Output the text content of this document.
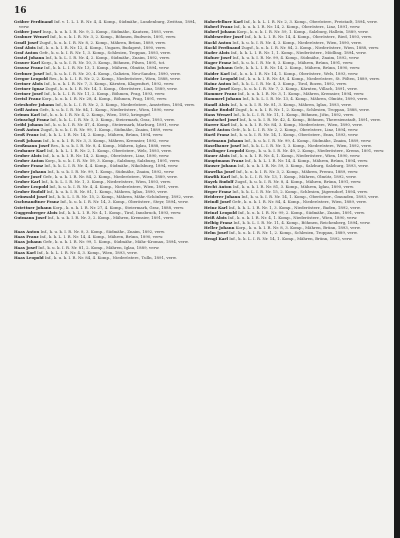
16

Gräber Ferdinand Inf. v. 1. L. I. R. Nr. 4, 4. Komp., Südmähr., Lundenburg, Zwittau, 1894, verw.

Gräber Josef Insp., k. u. k. I. R. Nr. 9, 2. Komp., Südmähr., Kautzen, 1893, verw.

Grabner Wenzel Inf., k. u. k. I. R. Nr. 3, 2. Komp., Böhmen, Budweis, 1891, verw.

Gradl Josef Zugsf., k. u. k. I. R. Nr. 8, 2. Komp., Mähren, Brünn, 1889, verw.

Graf Alois Inf., k. u. k. I. R. Nr. 12, 4. Komp., Ungarn, Budapest, 1890, verw.

Graf Anton Gefr., k. u. k. I. R. Nr. 1, 3. Komp., Schlesien, Troppau, 1893, verw.

Gratzl Johann Inf., k. k. L. I. R. Nr. 4, 2. Komp., Südmähr., Znaim, 1892, verw.

Grauer Karl Korp., k. u. k. I. R. Nr. 10, 3. Komp., Böhmen, Pilsen, 1891, tot.

Grausz Franz Inf., k. k. L. I. R. Nr. 13, 1. Komp., Mähren, Olmütz, 1894, verw.

Grebner Josef Inf., k. u. k. I. R. Nr. 20, 4. Komp., Galizien, Neu-Sandez, 1890, verw.

Gregor Leopold Res., k. k. L. I. R. Nr. 2, 2. Komp., Niederösterr., Wien, 1888, verw.

Greiner Alois Inf., k. u. k. I. R. Nr. 7, 3. Komp., Kärnten, Klagenfurt, 1892, verw.

Greiner Ignaz Zugsf., k. u. k. I. R. Nr. 14, 1. Komp., Oberösterr., Linz, 1889, verw.

Greiner Josef Inf., k. k. L. I. R. Nr. 11, 2. Komp., Böhmen, Prag, 1893, verw.

Greisl Franz Korp., k. u. k. I. R. Nr. 28, 4. Komp., Böhmen, Prag, 1891, verw.

Grieshofer Johann Inf., k. k. L. I. R. Nr. 2, 3. Komp., Niederösterr., Amstetten, 1894, verw.

Grill Anton Gefr., k. u. k. I. R. Nr. 84, 1. Komp., Niederösterr., Wien, 1890, verw.

Grimm Karl Inf., k. u. k. I. R. Nr. 4, 2. Komp., Wien, 1892, kriegsgef.

Grinschgl Franz Inf., k. k. L. I. R. Nr. 3, 3. Komp., Steiermark, Graz, 1893, verw.

Gröbl Johann Inf., k. u. k. I. R. Nr. 47, 4. Komp., Steiermark, Marburg, 1891, verw.

Groß Anton Zugsf., k. u. k. I. R. Nr. 99, 1. Komp., Südmähr., Znaim, 1889, verw.

Groß Franz Inf., k. k. L. I. R. Nr. 14, 2. Komp., Mähren, Brünn, 1894, verw.

Groß Johann Inf., k. u. k. I. R. Nr. 3, 3. Komp., Mähren, Kremsier, 1892, verw.

Großmann Josef Res., k. u. k. I. R. Nr. 8, 4. Komp., Mähren, Iglau, 1888, verw.

Grubauer Karl Inf., k. k. L. I. R. Nr. 2, 1. Komp., Oberösterr., Wels, 1893, verw.

Gruber Alois Inf., k. u. k. I. R. Nr. 14, 2. Komp., Oberösterr., Linz, 1890, verw.

Gruber Anton Korp., k. u. k. I. R. Nr. 59, 3. Komp., Salzburg, Salzburg, 1891, verw.

Gruber Franz Inf., k. k. L. I. R. Nr. 4, 4. Komp., Südmähr., Nikolsburg, 1894, verw.

Gruber Johann Inf., k. u. k. I. R. Nr. 99, 1. Komp., Südmähr., Znaim, 1892, verw.

Gruber Josef Gefr., k. u. k. I. R. Nr. 84, 2. Komp., Niederösterr., Wien, 1889, verw.

Gruber Karl Inf., k. k. L. I. R. Nr. 1, 3. Komp., Niederösterr., Wien, 1893, verw.

Gruber Leopold Inf., k. u. k. I. R. Nr. 4, 4. Komp., Niederösterr., Wien, 1891, verw.

Gruber Rudolf Inf., k. u. k. I. R. Nr. 81, 1. Komp., Mähren, Iglau, 1890, verw.

Grünwald Josef Inf., k. k. L. I. R. Nr. 15, 2. Komp., Mähren, Mähr.-Schönberg, 1892, verw.

Gschwandtner Franz Inf., k. u. k. I. R. Nr. 14, 3. Komp., Oberösterr., Steyr, 1894, verw.

Gstettner Johann Korp., k. u. k. I. R. Nr. 27, 4. Komp., Steiermark, Graz, 1888, verw.

Guggenberger Alois Inf., k. k. L. I. R. Nr. 4, 1. Komp., Tirol, Innsbruck, 1893, verw.

Gutmann Josef Inf., k. u. k. I. R. Nr. 3, 2. Komp., Mähren, Kremsier, 1891, verw.

Haas Anton Inf., k. u. k. I. R. Nr. 8, 3. Komp., Südmähr., Znaim, 1892, verw.

Haas Franz Inf., k. k. L. I. R. Nr. 14, 4. Komp., Mähren, Brünn, 1890, verw.

Haas Johann Gefr., k. u. k. I. R. Nr. 99, 1. Komp., Südmähr., Mähr.-Kromau, 1894, verw.

Haas Josef Inf., k. u. k. I. R. Nr. 81, 2. Komp., Mähren, Iglau, 1889, verw.

Haas Karl Inf., k. k. L. I. R. Nr. 4, 3. Komp., Wien, 1893, verw.

Haas Leopold Inf., k. u. k. I. R. Nr. 84, 4. Komp., Niederösterr., Tulln, 1891, verw.

Haberfellner Karl Inf., k. k. L. I. R. Nr. 2, 3. Komp., Oberösterr., Freistadt, 1894, verw.

Haberl Franz Inf., k. u. k. I. R. Nr. 14, 2. Komp., Oberösterr., Linz, 1891, verw.

Haberl Johann Korp., k. u. k. I. R. Nr. 59, 1. Komp., Salzburg, Hallein, 1889, verw.

Hablesreiter Josef Inf., k. k. L. I. R. Nr. 14, 4. Komp., Oberösterr., Ried, 1893, verw.

Hackl Anton Inf., k. u. k. I. R. Nr. 4, 3. Komp., Niederösterr., Wien, 1890, verw.

Hackl Ferdinand Zugsf., k. u. k. I. R. Nr. 84, 2. Komp., Niederösterr., Wien, 1888, verw.

Hader Alois Inf., k. k. L. I. R. Nr. 1, 1. Komp., Niederösterr., Mödling, 1894, verw.

Hafner Josef Inf., k. u. k. I. R. Nr. 99, 4. Komp., Südmähr., Znaim, 1892, verw.

Hager Franz Inf., k. u. k. I. R. Nr. 8, 3. Komp., Mähren, Brünn, 1891, verw.

Hahn Johann Gefr., k. k. L. I. R. Nr. 14, 2. Komp., Mähren, Brünn, 1890, verw.

Haider Karl Inf., k. u. k. I. R. Nr. 14, 1. Komp., Oberösterr., Wels, 1893, verw.

Haider Leopold Inf., k. u. k. I. R. Nr. 49, 4. Komp., Niederösterr., St. Pölten, 1889, verw.

Hainz Anton Inf., k. k. L. I. R. Nr. 4, 3. Komp., Tirol, Bozen, 1892, verw.

Haller Josef Korp., k. u. k. I. R. Nr. 7, 2. Komp., Kärnten, Villach, 1891, verw.

Hammer Franz Inf., k. u. k. I. R. Nr. 3, 1. Komp., Mähren, Kremsier, 1894, verw.

Hammerl Johann Inf., k. k. L. I. R. Nr. 13, 4. Komp., Mähren, Olmütz, 1890, verw.

Handl Alois Inf., k. u. k. I. R. Nr. 81, 3. Komp., Mähren, Iglau, 1893, verw.

Hanke Rudolf Zugsf., k. u. k. I. R. Nr. 1, 2. Komp., Schlesien, Troppau, 1888, verw.

Hans Wenzel Inf., k. k. L. I. R. Nr. 11, 1. Komp., Böhmen, Jičin, 1892, verw.

Hantschel Josef Inf., k. u. k. I. R. Nr. 42, 4. Komp., Böhmen, Theresienstadt, 1891, verw.

Harrer Karl Inf., k. u. k. I. R. Nr. 84, 3. Komp., Niederösterr., Wien, 1890, verw.

Hartl Anton Gefr., k. k. L. I. R. Nr. 2, 2. Komp., Oberösterr., Linz, 1894, verw.

Hartl Franz Inf., k. u. k. I. R. Nr. 14, 1. Komp., Oberösterr., Enns, 1893, verw.

Hartmann Johann Inf., k. u. k. I. R. Nr. 99, 4. Komp., Südmähr., Znaim, 1889, verw.

Haselbauer Josef Inf., k. k. L. I. R. Nr. 1, 3. Komp., Niederösterr., Wien, 1892, verw.

Haslinger Leopold Korp., k. u. k. I. R. Nr. 49, 2. Komp., Niederösterr., Krems, 1891, verw.

Hauer Alois Inf., k. u. k. I. R. Nr. 4, 1. Komp., Niederösterr., Wien, 1890, verw.

Hauptmann Franz Inf., k. k. L. I. R. Nr. 14, 4. Komp., Mähren, Brünn, 1894, verw.

Hauser Johann Inf., k. u. k. I. R. Nr. 59, 3. Komp., Salzburg, Salzburg, 1893, verw.

Hawelka Josef Inf., k. u. k. I. R. Nr. 3, 2. Komp., Mähren, Prerau, 1889, verw.

Hawlik Karl Inf., k. k. L. I. R. Nr. 13, 1. Komp., Mähren, Olmütz, 1892, verw.

Hayek Rudolf Zugsf., k. u. k. I. R. Nr. 8, 4. Komp., Mähren, Brünn, 1891, verw.

Hecht Anton Inf., k. u. k. I. R. Nr. 81, 3. Komp., Mähren, Iglau, 1890, verw.

Heger Franz Inf., k. k. L. I. R. Nr. 15, 2. Komp., Schlesien, Jägerndorf, 1894, verw.

Heiderer Johann Inf., k. u. k. I. R. Nr. 14, 1. Komp., Oberösterr., Gmunden, 1893, verw.

Heindl Josef Gefr., k. u. k. I. R. Nr. 84, 4. Komp., Niederösterr., Wien, 1889, verw.

Heinz Karl Inf., k. k. L. I. R. Nr. 1, 3. Komp., Niederösterr., Baden, 1892, verw.

Heinzl Leopold Inf., k. u. k. I. R. Nr. 99, 2. Komp., Südmähr., Znaim, 1891, verw.

Heiß Alois Inf., k. u. k. I. R. Nr. 4, 1. Komp., Niederösterr., Wien, 1890, verw.

Helbig Franz Inf., k. k. L. I. R. Nr. 11, 4. Komp., Böhmen, Reichenberg, 1894, verw.

Heller Johann Korp., k. u. k. I. R. Nr. 8, 3. Komp., Mähren, Brünn, 1893, verw.

Helm Josef Inf., k. u. k. I. R. Nr. 1, 2. Komp., Schlesien, Troppau, 1889, verw.

Hengl Karl Inf., k. k. L. I. R. Nr. 14, 1. Komp., Mähren, Brünn, 1892, verw.
